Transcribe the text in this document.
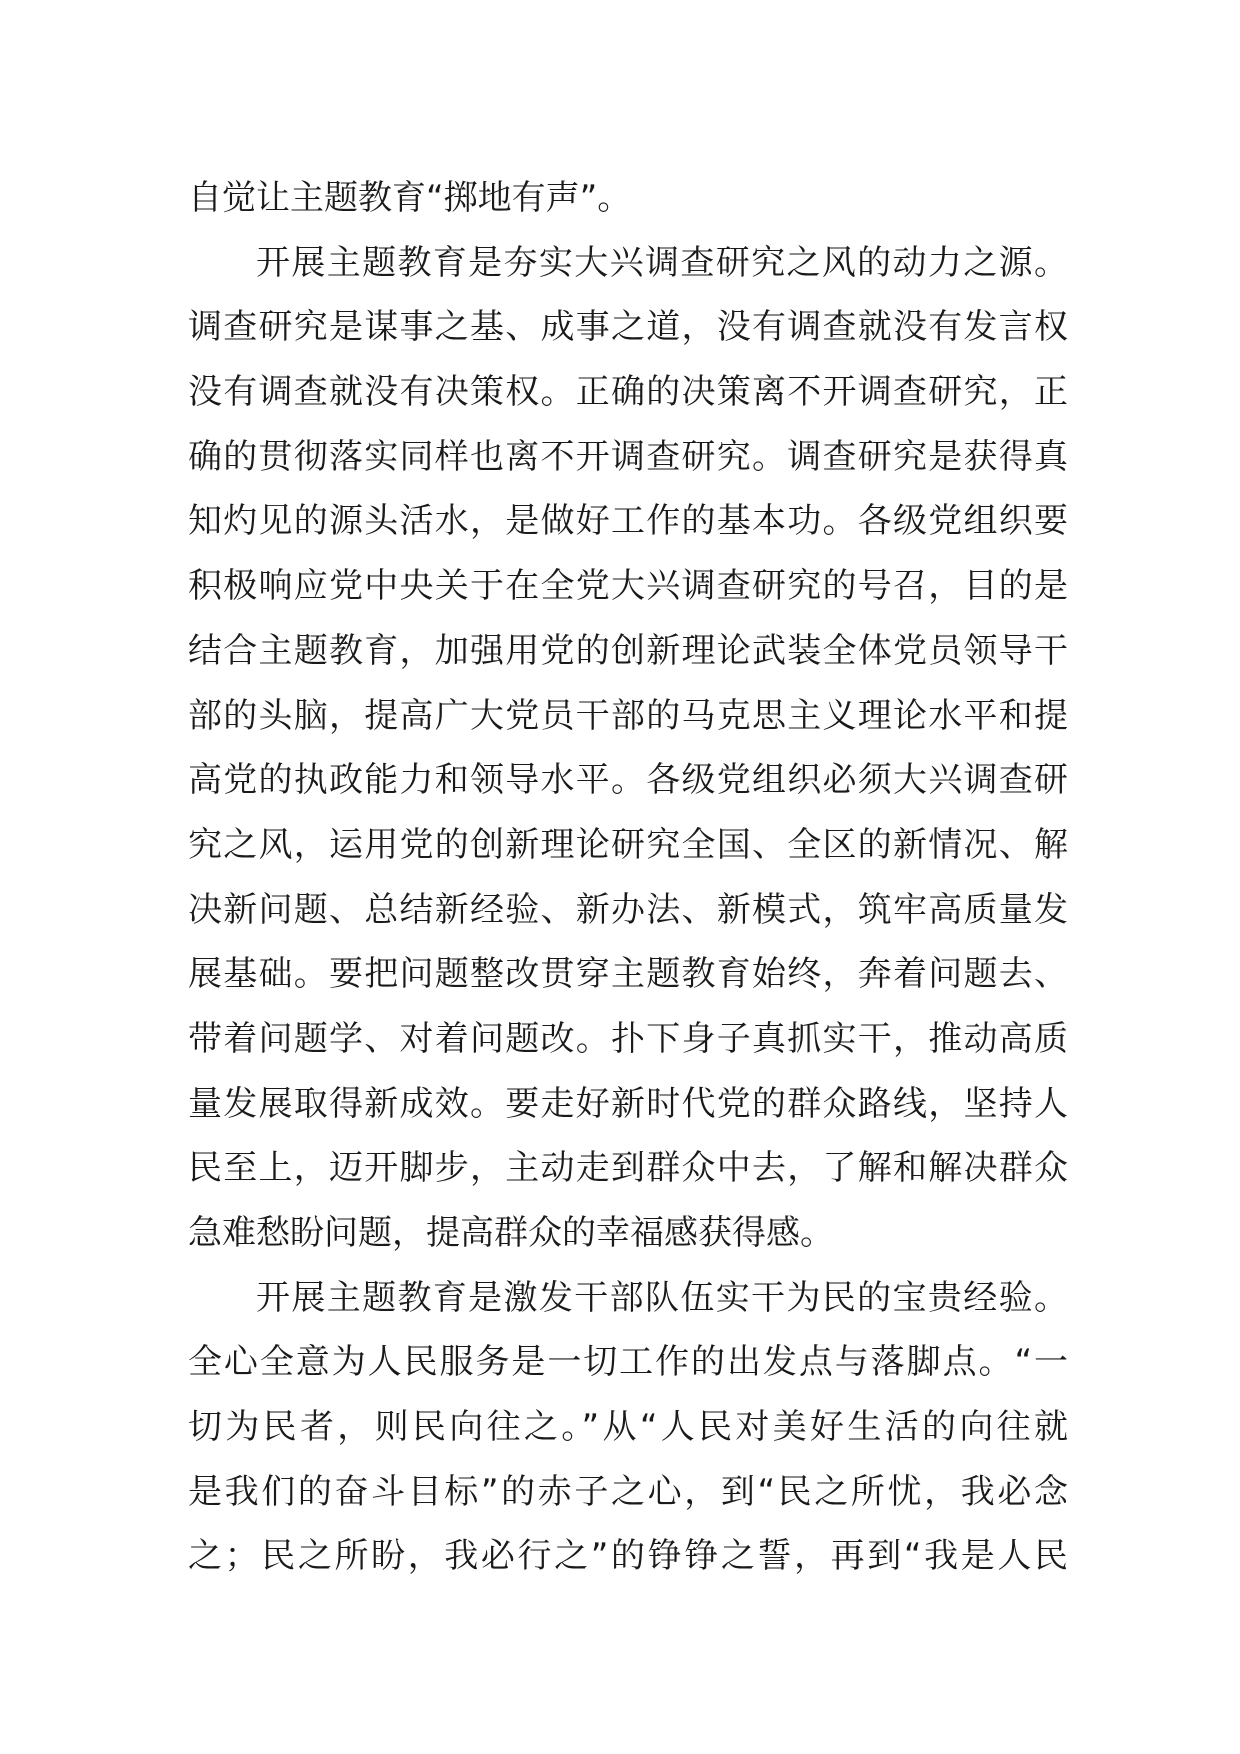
自觉让主题教育“掷地有声”。
开展主题教育是夯实大兴调查研究之风的动力之源。
调查研究是谋事之基、成事之道，没有调查就没有发言权
没有调查就没有决策权。正确的决策离不开调查研究，正
确的贯彻落实同样也离不开调查研究。调查研究是获得真
知灼见的源头活水，是做好工作的基本功。各级党组织要
积极响应党中央关于在全党大兴调查研究的号召，目的是
结合主题教育，加强用党的创新理论武装全体党员领导干
部的头脑，提高广大党员干部的马克思主义理论水平和提
高党的执政能力和领导水平。各级党组织必须大兴调查研
究之风，运用党的创新理论研究全国、全区的新情况、解
决新问题、总结新经验、新办法、新模式，筑牢高质量发
展基础。要把问题整改贯穿主题教育始终，奔着问题去、
带着问题学、对着问题改。扑下身子真抓实干，推动高质
量发展取得新成效。要走好新时代党的群众路线，坚持人
民至上，迈开脚步，主动走到群众中去，了解和解决群众
急难愁盼问题，提高群众的幸福感获得感。
开展主题教育是激发干部队伍实干为民的宝贵经验。
全心全意为人民服务是一切工作的出发点与落脚点。“一
切为民者，则民向往之。”从“人民对美好生活的向往就
是我们的奋斗目标”的赤子之心，到“民之所忧，我必念
之；民之所盼，我必行之”的铮铮之誓，再到“我是人民
